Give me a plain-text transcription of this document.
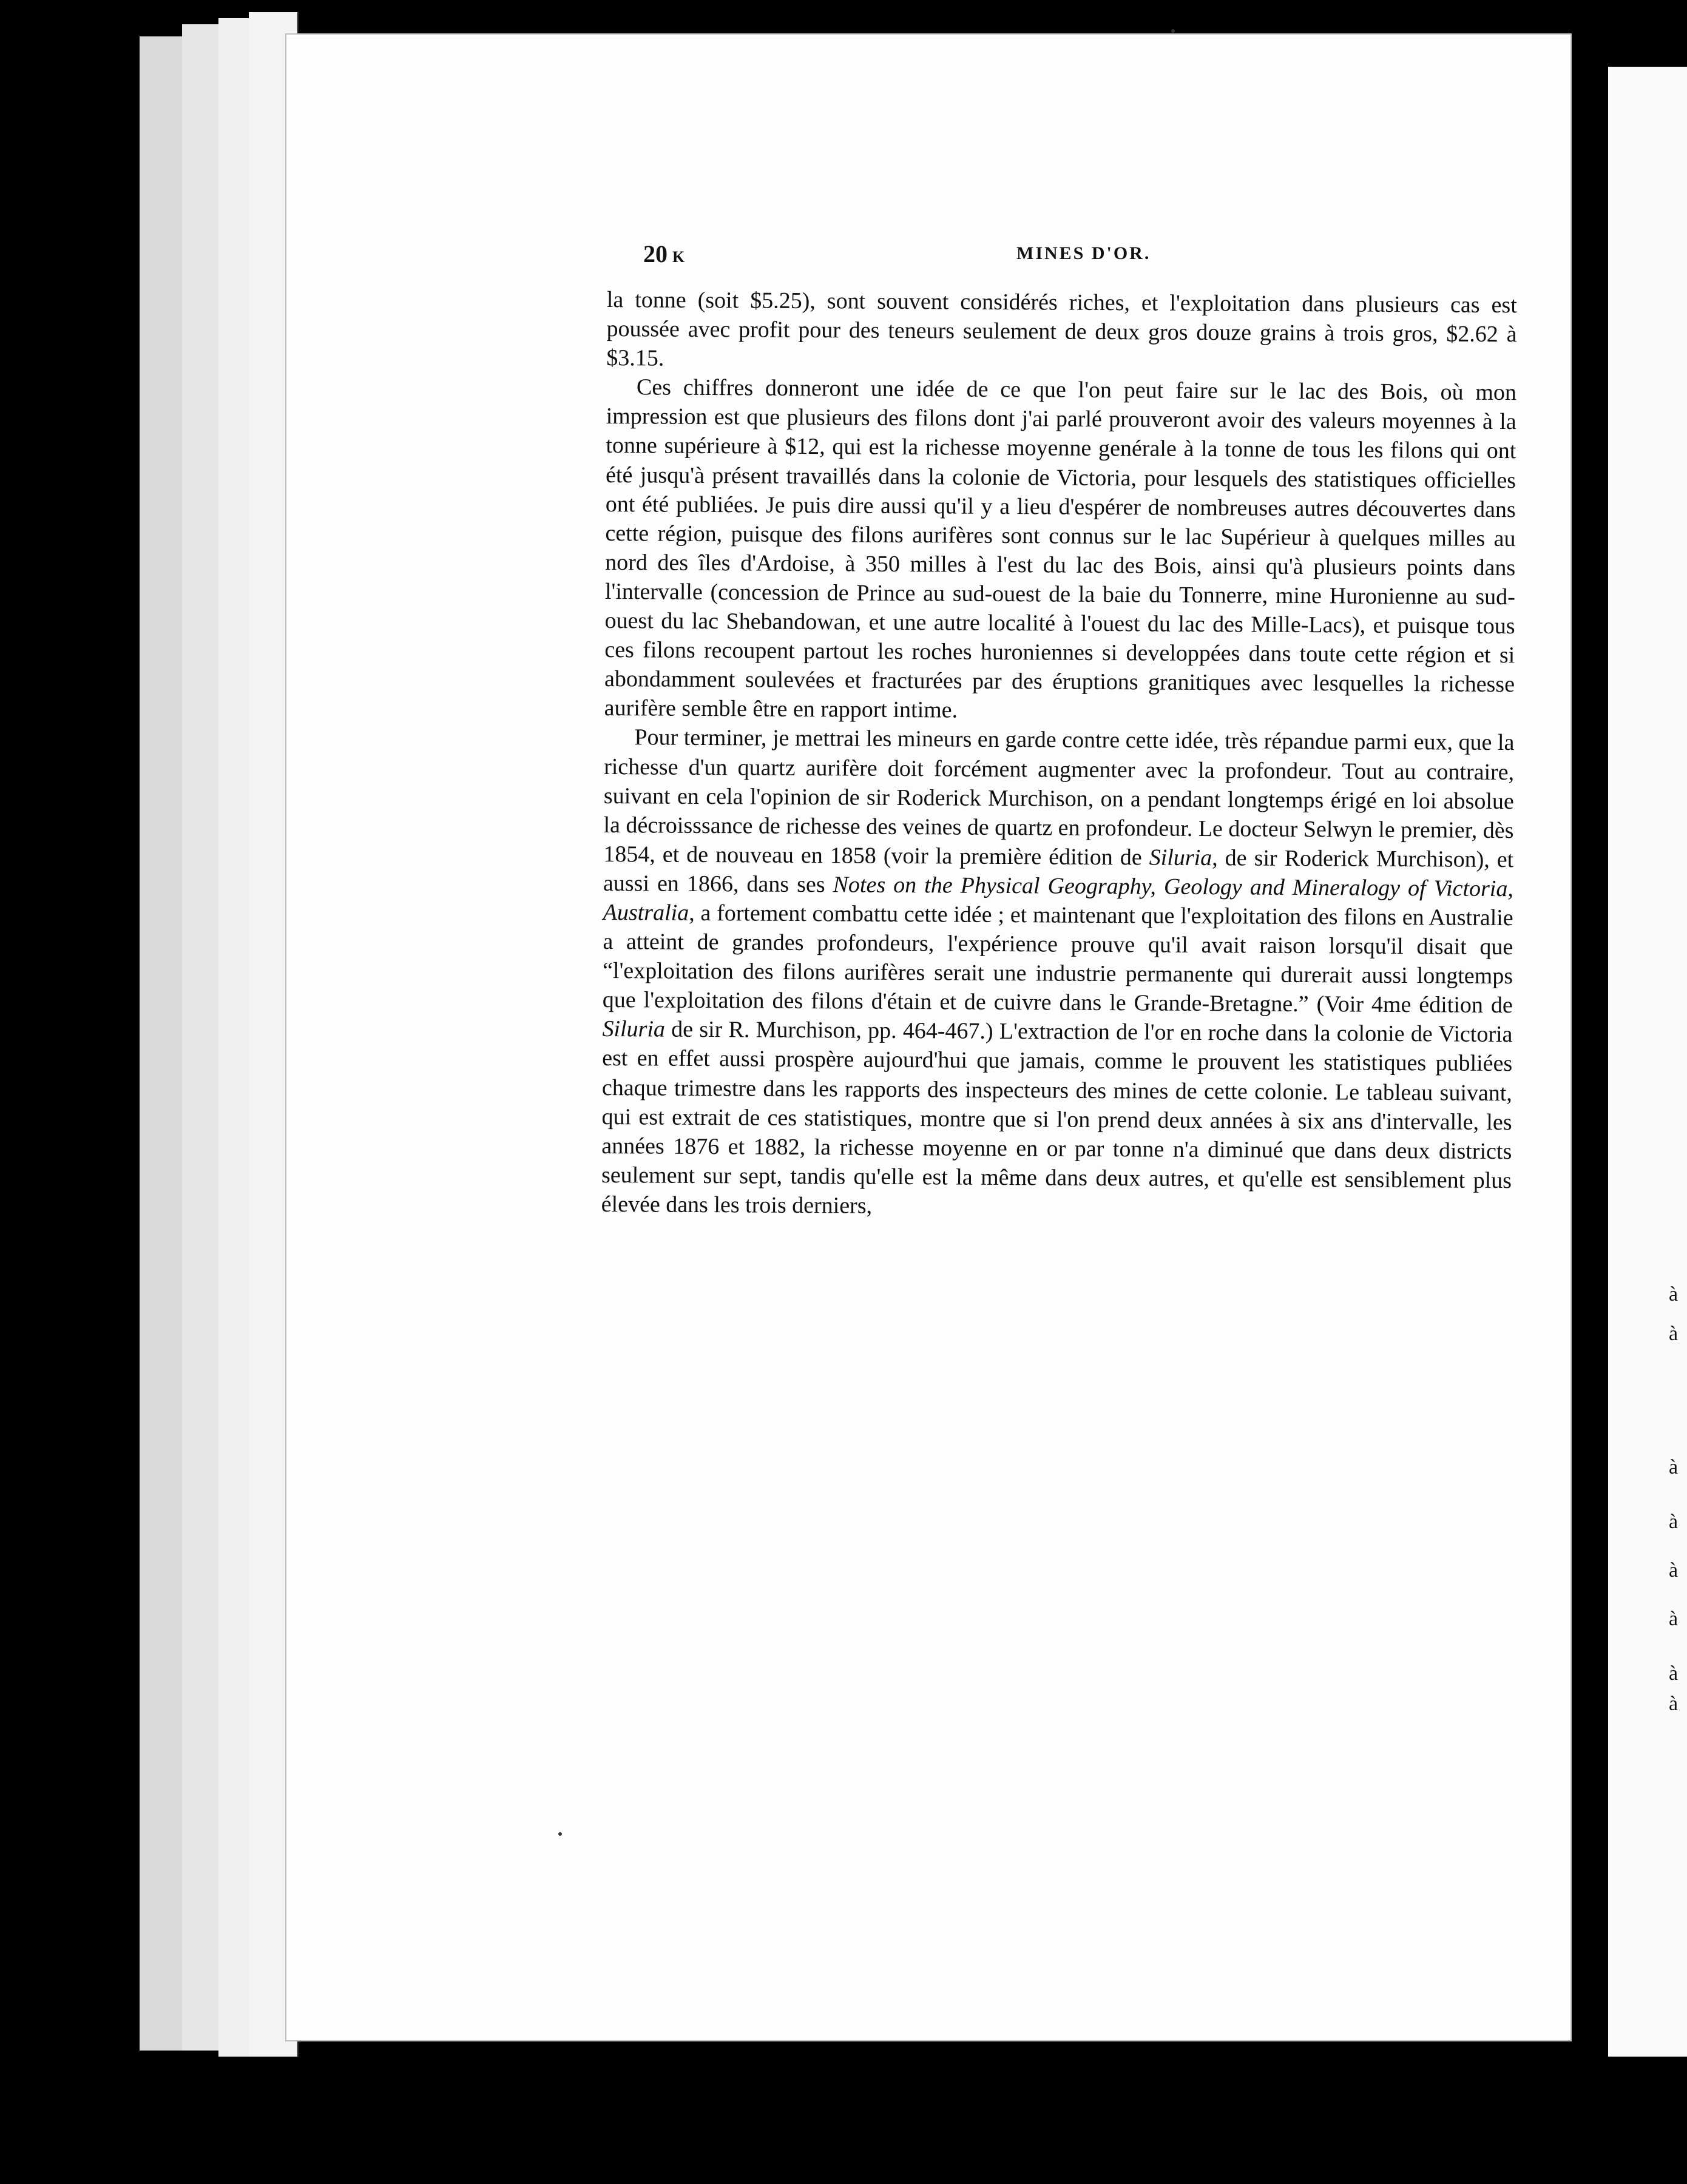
à
à
à
à
à
à
à
à
20 K	MINES D'OR.

la tonne (soit $5.25), sont souvent considérés riches, et l'exploitation dans plusieurs cas est poussée avec profit pour des teneurs seulement de deux gros douze grains à trois gros, $2.62 à $3.15.

Ces chiffres donneront une idée de ce que l'on peut faire sur le lac des Bois, où mon impression est que plusieurs des filons dont j'ai parlé prouveront avoir des valeurs moyennes à la tonne supérieure à $12, qui est la richesse moyenne genérale à la tonne de tous les filons qui ont été jusqu'à présent travaillés dans la colonie de Victoria, pour lesquels des statistiques officielles ont été publiées. Je puis dire aussi qu'il y a lieu d'espérer de nombreuses autres découvertes dans cette région, puisque des filons aurifères sont connus sur le lac Supérieur à quelques milles au nord des îles d'Ardoise, à 350 milles à l'est du lac des Bois, ainsi qu'à plusieurs points dans l'intervalle (concession de Prince au sud-ouest de la baie du Tonnerre, mine Huronienne au sud-ouest du lac Shebandowan, et une autre localité à l'ouest du lac des Mille-Lacs), et puisque tous ces filons recoupent partout les roches huroniennes si developpées dans toute cette région et si abondamment soulevées et fracturées par des éruptions granitiques avec lesquelles la richesse aurifère semble être en rapport intime.

Pour terminer, je mettrai les mineurs en garde contre cette idée, très répandue parmi eux, que la richesse d'un quartz aurifère doit forcément augmenter avec la profondeur. Tout au contraire, suivant en cela l'opinion de sir Roderick Murchison, on a pendant longtemps érigé en loi absolue la décroisssance de richesse des veines de quartz en profondeur. Le docteur Selwyn le premier, dès 1854, et de nouveau en 1858 (voir la première édition de Siluria, de sir Roderick Murchison), et aussi en 1866, dans ses Notes on the Physical Geography, Geology and Mineralogy of Victoria, Australia, a fortement combattu cette idée ; et maintenant que l'exploitation des filons en Australie a atteint de grandes profondeurs, l'expérience prouve qu'il avait raison lorsqu'il disait que “l'exploitation des filons aurifères serait une industrie permanente qui durerait aussi longtemps que l'exploitation des filons d'étain et de cuivre dans le Grande-Bretagne.” (Voir 4me édition de Siluria de sir R. Murchison, pp. 464-467.) L'extraction de l'or en roche dans la colonie de Victoria est en effet aussi prospère aujourd'hui que jamais, comme le prouvent les statistiques publiées chaque trimestre dans les rapports des inspecteurs des mines de cette colonie. Le tableau suivant, qui est extrait de ces statistiques, montre que si l'on prend deux années à six ans d'intervalle, les années 1876 et 1882, la richesse moyenne en or par tonne n'a diminué que dans deux districts seulement sur sept, tandis qu'elle est la même dans deux autres, et qu'elle est sensiblement plus élevée dans les trois derniers,
